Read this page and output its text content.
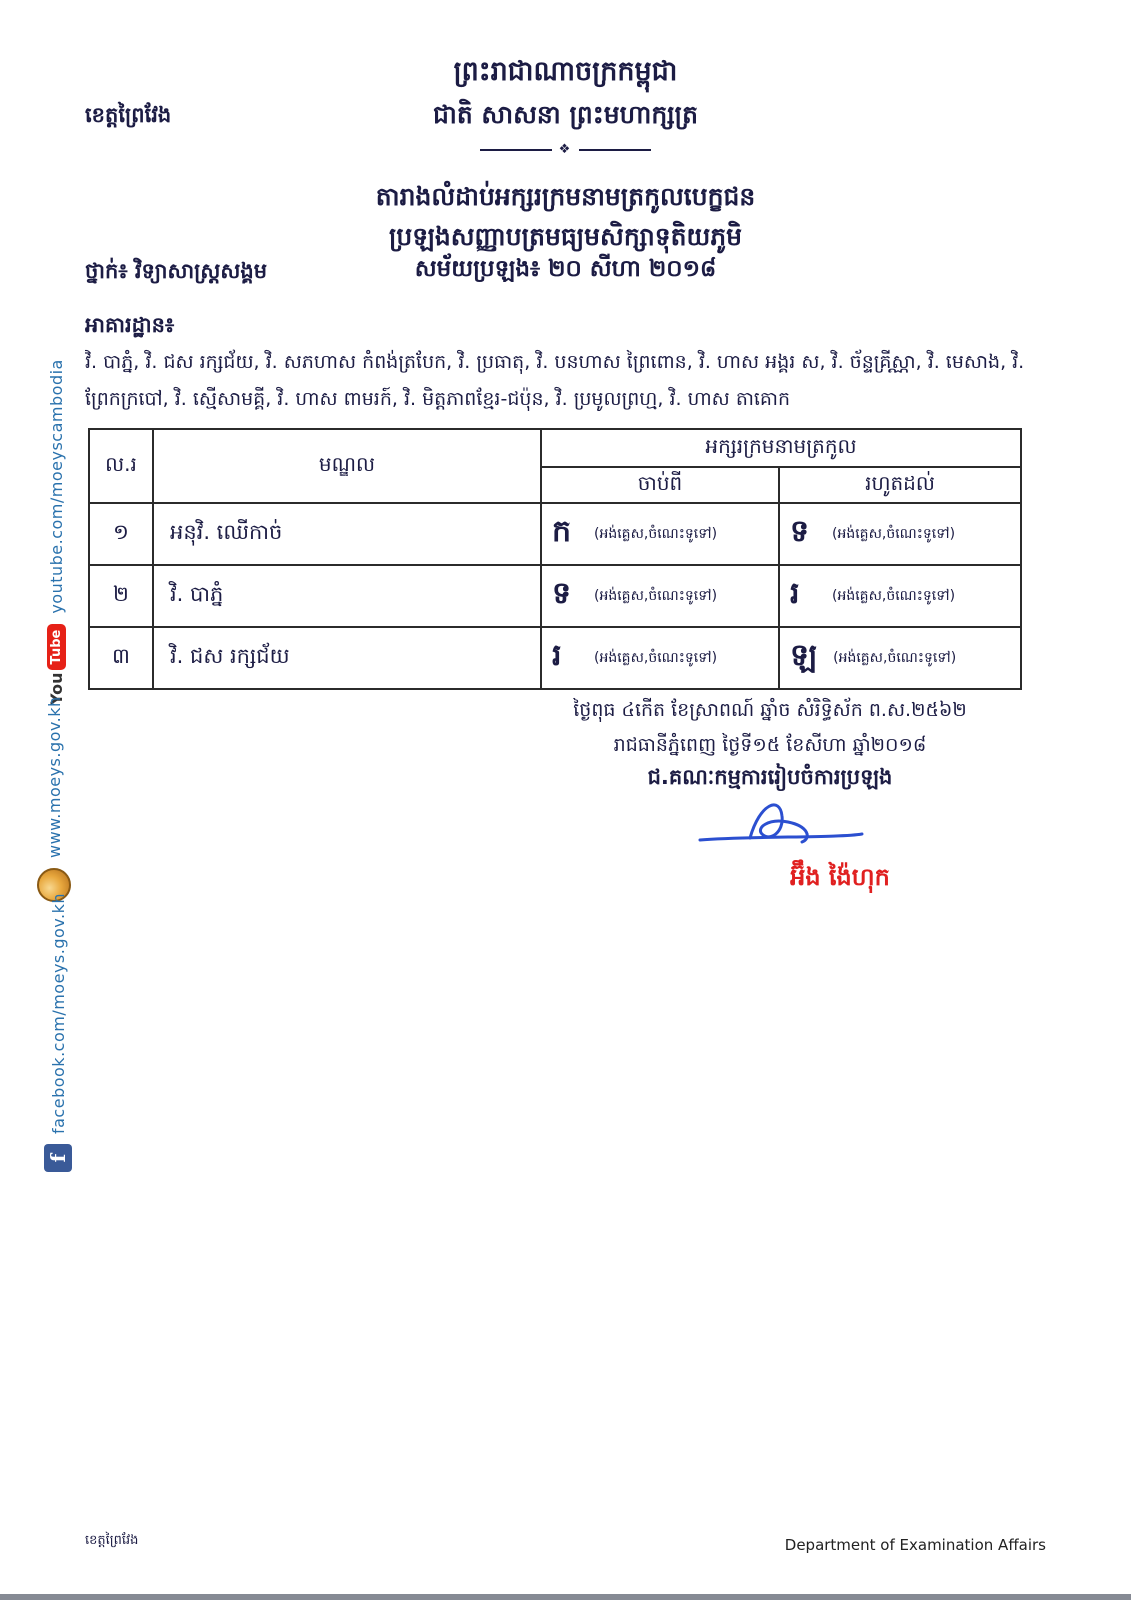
ព្រះរាជាណាចក្រកម្ពុជា
ខេត្តព្រៃវែង	ជាតិ សាសនា ព្រះមហាក្សត្រ
❖
តារាងលំដាប់អក្សរក្រមនាមត្រកូលបេក្ខជន
ប្រឡងសញ្ញាបត្រមធ្យមសិក្សាទុតិយភូមិ
ថ្នាក់៖ វិទ្យាសាស្ត្រសង្គម	សម័យប្រឡង៖ ២០ សីហា ២០១៨
អាគារដ្ឋាន៖
វិ. បាភ្នំ, វិ. ជស រក្សជ័យ, វិ. សភហាស កំពង់ត្របែក, វិ. ប្រធាតុ, វិ. បនហាស ព្រៃពោន, វិ. ហាស អង្គរ ស, វិ. ច័ន្ទគ្រីស្ណា, វិ. មេសាង, វិ. ព្រែកក្របៅ, វិ. ស្មើសាមគ្គី, វិ. ហាស ពាមរក៍, វិ. មិត្តភាពខ្មែរ-ជប៉ុន, វិ. ប្រមូលព្រហ្ម, វិ. ហាស តាគោក
ល.រ	មណ្ឌល	អក្សរក្រមនាមត្រកូល	
		ចាប់ពី	រហូតដល់
១	អនុវិ. ឈើកាច់	ក (អង់គ្លេស,ចំណេះទូទៅ)	ទ (អង់គ្លេស,ចំណេះទូទៅ)

២	វិ. បាភ្នំ	ទ (អង់គ្លេស,ចំណេះទូទៅ)	រ (អង់គ្លេស,ចំណេះទូទៅ)

៣	វិ. ជស រក្សជ័យ	រ (អង់គ្លេស,ចំណេះទូទៅ)	ឡ (អង់គ្លេស,ចំណេះទូទៅ)
ថ្ងៃពុធ ៤កើត ខែស្រាពណ៍ ឆ្នាំច សំរិទ្ធិស័ក ព.ស.២៥៦២
រាជធានីភ្នំពេញ ថ្ងៃទី១៥ ខែសីហា ឆ្នាំ២០១៨
ជ.គណៈកម្មការរៀបចំការប្រឡង
អ៊ឹង ង៉ៃហុក
You
Tube
youtube.com/moeyscambodia
www.moeys.gov.kh
f
facebook.com/moeys.gov.kh
ខេត្តព្រៃវែង	Department of Examination Affairs
